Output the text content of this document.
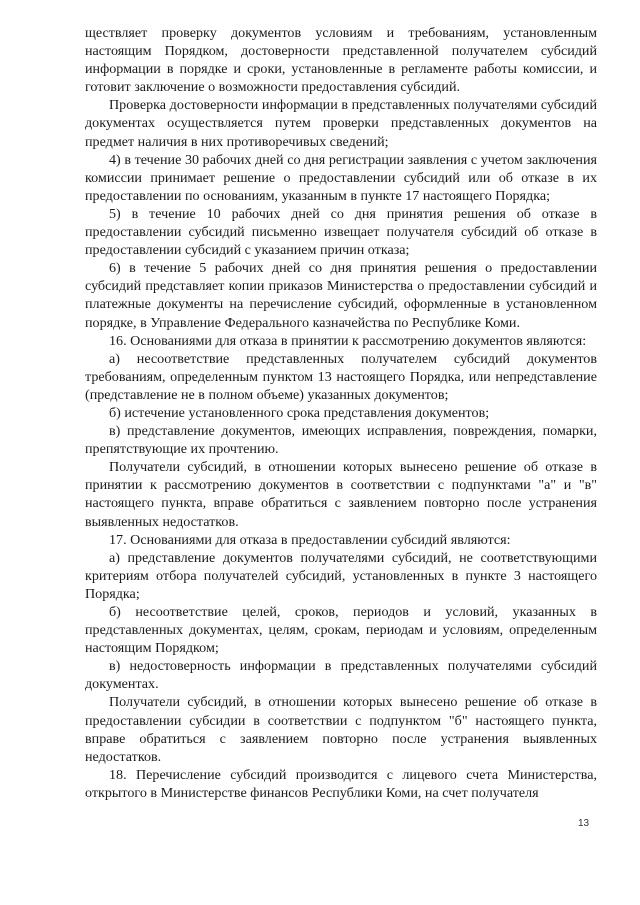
ществляет проверку документов условиям и требованиям, установленным настоящим Порядком, достоверности представленной получателем субсидий информации в порядке и сроки, установленные в регламенте работы комиссии, и готовит заключение о возможности предоставления субсидий.

Проверка достоверности информации в представленных получателями субсидий документах осуществляется путем проверки представленных документов на предмет наличия в них противоречивых сведений;

4) в течение 30 рабочих дней со дня регистрации заявления с учетом заключения комиссии принимает решение о предоставлении субсидий или об отказе в их предоставлении по основаниям, указанным в пункте 17 настоящего Порядка;

5) в течение 10 рабочих дней со дня принятия решения об отказе в предоставлении субсидий письменно извещает получателя субсидий об отказе в предоставлении субсидий с указанием причин отказа;

6) в течение 5 рабочих дней со дня принятия решения о предоставлении субсидий представляет копии приказов Министерства о предоставлении субсидий и платежные документы на перечисление субсидий, оформленные в установленном порядке, в Управление Федерального казначейства по Республике Коми.

16. Основаниями для отказа в принятии к рассмотрению документов являются:

а) несоответствие представленных получателем субсидий документов требованиям, определенным пунктом 13 настоящего Порядка, или непредставление (представление не в полном объеме) указанных документов;

б) истечение установленного срока представления документов;

в) представление документов, имеющих исправления, повреждения, помарки, препятствующие их прочтению.

Получатели субсидий, в отношении которых вынесено решение об отказе в принятии к рассмотрению документов в соответствии с подпунктами "а" и "в" настоящего пункта, вправе обратиться с заявлением повторно после устранения выявленных недостатков.

17. Основаниями для отказа в предоставлении субсидий являются:

а) представление документов получателями субсидий, не соответствующими критериям отбора получателей субсидий, установленных в пункте 3 настоящего Порядка;

б) несоответствие целей, сроков, периодов и условий, указанных в представленных документах, целям, срокам, периодам и условиям, определенным настоящим Порядком;

в) недостоверность информации в представленных получателями субсидий документах.

Получатели субсидий, в отношении которых вынесено решение об отказе в предоставлении субсидии в соответствии с подпунктом "б" настоящего пункта, вправе обратиться с заявлением повторно после устранения выявленных недостатков.

18. Перечисление субсидий производится с лицевого счета Министерства, открытого в Министерстве финансов Республики Коми, на счет получателя

13
